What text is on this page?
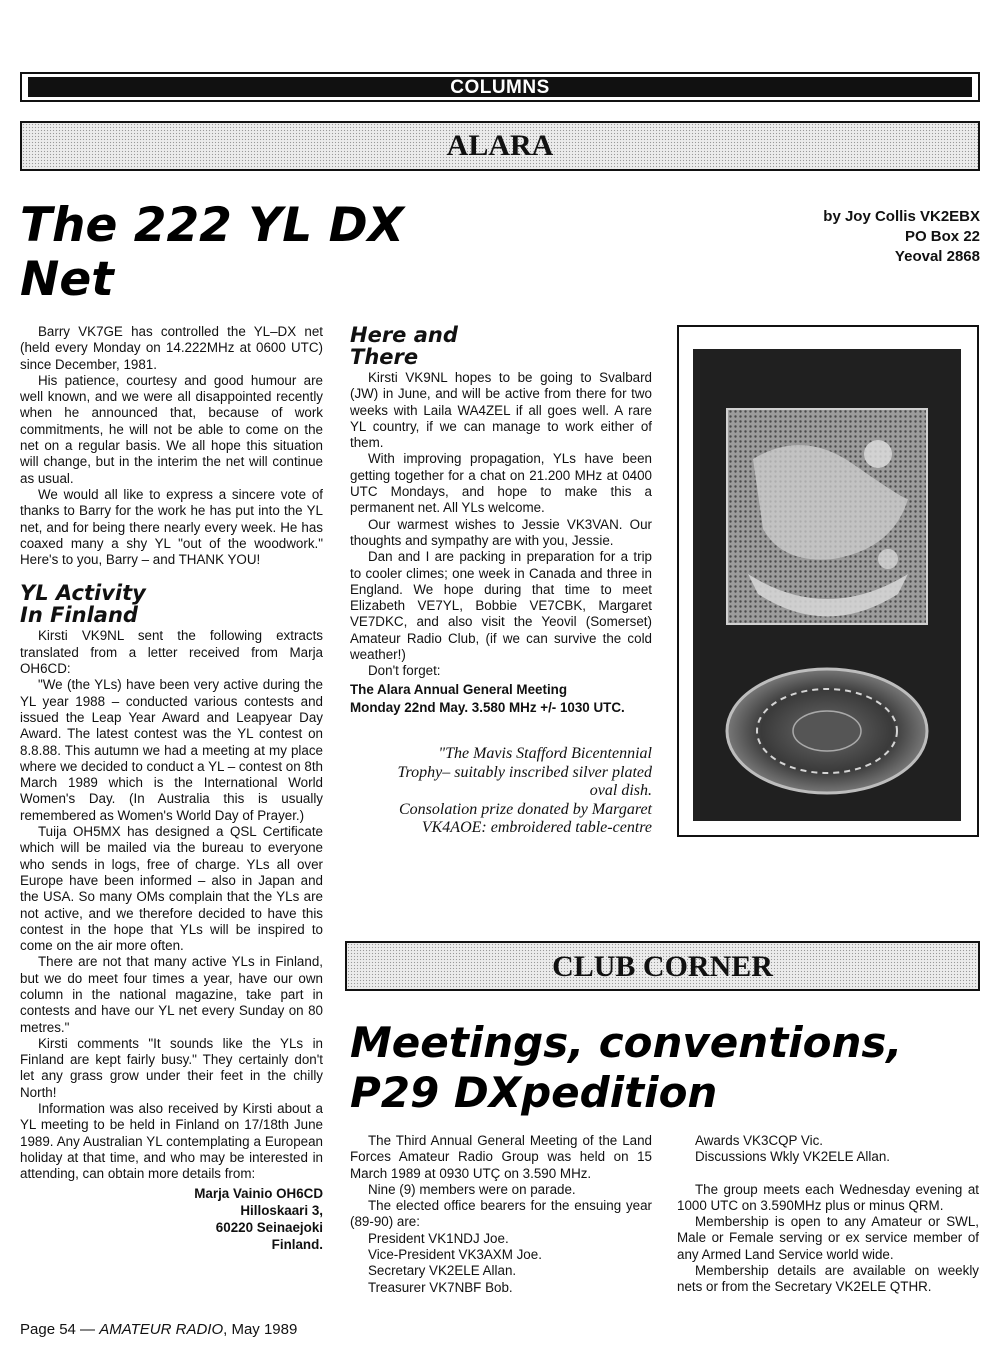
COLUMNS
ALARA
The 222 YL DX
Net
by Joy Collis VK2EBX
PO Box 22
Yeoval 2868

Barry VK7GE has controlled the YL–DX net (held every Monday on 14.222MHz at 0600 UTC) since December, 1981.

His patience, courtesy and good humour are well known, and we were all disappointed recently when he announced that, because of work commitments, he will not be able to come on the net on a regular basis. We all hope this situation will change, but in the interim the net will continue as usual.

We would all like to express a sincere vote of thanks to Barry for the work he has put into the YL net, and for being there nearly every week. He has coaxed many a shy YL "out of the woodwork." Here's to you, Barry – and THANK YOU!

YL Activity
In Finland

Kirsti VK9NL sent the following extracts translated from a letter received from Marja OH6CD:

"We (the YLs) have been very active during the YL year 1988 – conducted various contests and issued the Leap Year Award and Leapyear Day Award. The latest contest was the YL contest on 8.8.88. This autumn we had a meeting at my place where we decided to conduct a YL – contest on 8th March 1989 which is the International World Women's Day. (In Australia this is usually remembered as Women's World Day of Prayer.)

Tuija OH5MX has designed a QSL Certificate which will be mailed via the bureau to everyone who sends in logs, free of charge. YLs all over Europe have been informed – also in Japan and the USA. So many OMs complain that the YLs are not active, and we therefore decided to have this contest in the hope that YLs will be inspired to come on the air more often.

There are not that many active YLs in Finland, but we do meet four times a year, have our own column in the national magazine, take part in contests and have our YL net every Sunday on 80 metres."

Kirsti comments "It sounds like the YLs in Finland are kept fairly busy." They certainly don't let any grass grow under their feet in the chilly North!

Information was also received by Kirsti about a YL meeting to be held in Finland on 17/18th June 1989. Any Australian YL contemplating a European holiday at that time, and who may be interested in attending, can obtain more details from:

Marja Vainio OH6CD
Hilloskaari 3,
60220 Seinaejoki
Finland.
Here and
There

Kirsti VK9NL hopes to be going to Svalbard (JW) in June, and will be active from there for two weeks with Laila WA4ZEL if all goes well. A rare YL country, if we can manage to work either of them.

With improving propagation, YLs have been getting together for a chat on 21.200 MHz at 0400 UTC Mondays, and hope to make this a permanent net. All YLs welcome.

Our warmest wishes to Jessie VK3VAN. Our thoughts and sympathy are with you, Jessie.

Dan and I are packing in preparation for a trip to cooler climes; one week in Canada and three in England. We hope during that time to meet Elizabeth VE7YL, Bobbie VE7CBK, Margaret VE7DKC, and also visit the Yeovil (Somerset) Amateur Radio Club, (if we can survive the cold weather!)

Don't forget:

The Alara Annual General Meeting

Monday 22nd May. 3.580 MHz +/- 1030 UTC.

"The Mavis Stafford Bicentennial
Trophy– suitably inscribed silver plated
oval dish.
Consolation prize donated by Margaret
VK4AOE: embroidered table-centre
CLUB CORNER
Meetings, conventions,
P29 DXpedition

The Third Annual General Meeting of the Land Forces Amateur Radio Group was held on 15 March 1989 at 0930 UTÇ on 3.590 MHz.

Nine (9) members were on parade.

The elected office bearers for the ensuing year (89-90) are:

President VK1NDJ Joe.

Vice-President VK3AXM Joe.

Secretary VK2ELE Allan.

Treasurer VK7NBF Bob.

Awards VK3CQP Vic.

Discussions Wkly VK2ELE Allan.

The group meets each Wednesday evening at 1000 UTC on 3.590MHz plus or minus QRM.

Membership is open to any Amateur or SWL, Male or Female serving or ex service member of any Armed Land Service world wide.

Membership details are available on weekly nets or from the Secretary VK2ELE QTHR.

Page 54 — AMATEUR RADIO, May 1989
